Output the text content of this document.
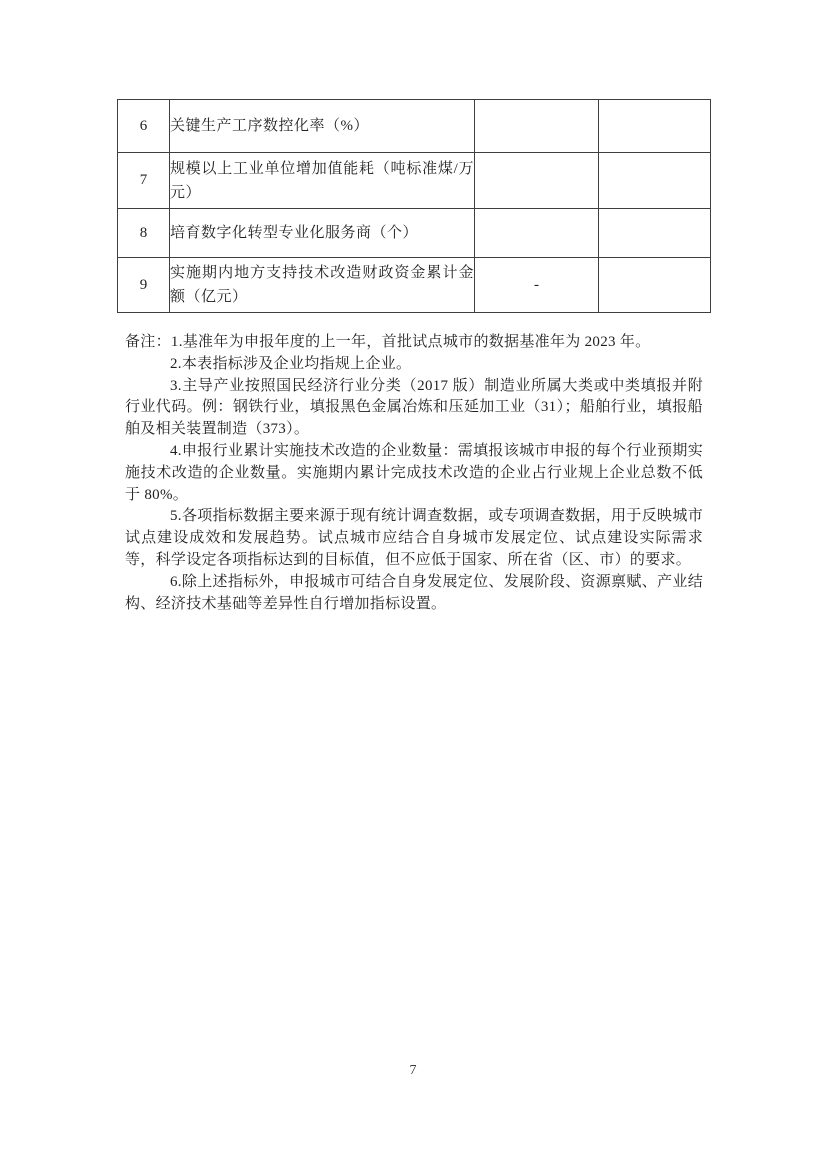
6	关键生产工序数控化率（%）		
7	规模以上工业单位增加值能耗（吨标准煤/万元）		
8	培育数字化转型专业化服务商（个）		
9	实施期内地方支持技术改造财政资金累计金额（亿元）	-	

备注：1.基准年为申报年度的上一年，首批试点城市的数据基准年为 2023 年。

2.本表指标涉及企业均指规上企业。

3.主导产业按照国民经济行业分类（2017 版）制造业所属大类或中类填报并附行业代码。例：钢铁行业，填报黑色金属冶炼和压延加工业（31）；船舶行业，填报船舶及相关装置制造（373）。

4.申报行业累计实施技术改造的企业数量：需填报该城市申报的每个行业预期实施技术改造的企业数量。实施期内累计完成技术改造的企业占行业规上企业总数不低于 80%。

5.各项指标数据主要来源于现有统计调查数据，或专项调查数据，用于反映城市试点建设成效和发展趋势。试点城市应结合自身城市发展定位、试点建设实际需求等，科学设定各项指标达到的目标值，但不应低于国家、所在省（区、市）的要求。

6.除上述指标外，申报城市可结合自身发展定位、发展阶段、资源禀赋、产业结构、经济技术基础等差异性自行增加指标设置。

7
